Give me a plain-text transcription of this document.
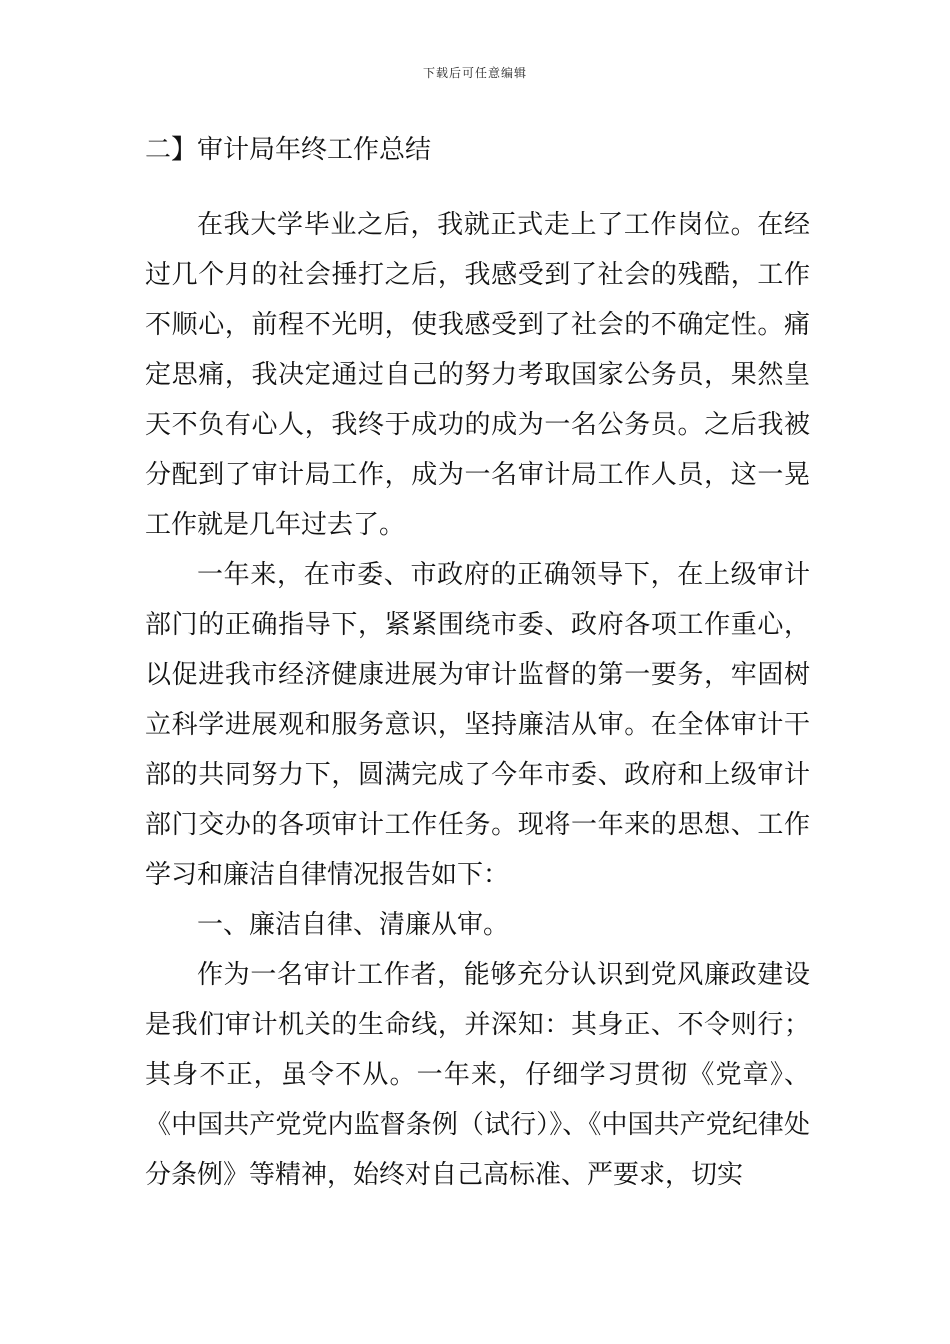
下载后可任意编辑
二】审计局年终工作总结

在我大学毕业之后，我就正式走上了工作岗位。在经过几个月的社会捶打之后，我感受到了社会的残酷，工作不顺心，前程不光明，使我感受到了社会的不确定性。痛定思痛，我决定通过自己的努力考取国家公务员，果然皇天不负有心人，我终于成功的成为一名公务员。之后我被分配到了审计局工作，成为一名审计局工作人员，这一晃工作就是几年过去了。

一年来，在市委、市政府的正确领导下，在上级审计部门的正确指导下，紧紧围绕市委、政府各项工作重心，以促进我市经济健康进展为审计监督的第一要务，牢固树立科学进展观和服务意识，坚持廉洁从审。在全体审计干部的共同努力下，圆满完成了今年市委、政府和上级审计部门交办的各项审计工作任务。现将一年来的思想、工作学习和廉洁自律情况报告如下：

一、廉洁自律、清廉从审。

作为一名审计工作者，能够充分认识到党风廉政建设是我们审计机关的生命线，并深知：其身正、不令则行；其身不正，虽令不从。一年来，仔细学习贯彻《党章》、《中国共产党党内监督条例（试行）》、《中国共产党纪律处分条例》等精神，始终对自己高标准、严要求，切实
